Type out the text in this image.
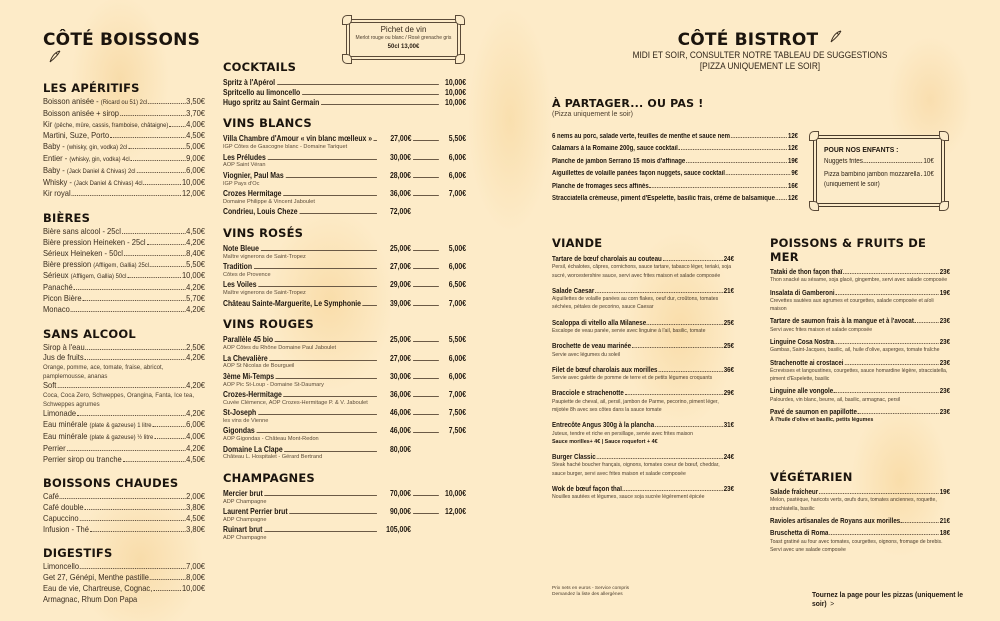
CÔTÉ BOISSONS
LES APÉRITIFS
Boisson anisée - (Ricard ou 51) 2cl	3,50€
Boisson anisée + sirop	3,70€
Kir (pêche, mûre, cassis, framboise, châtaigne) 4,00€
Martini, Suze, Porto	4,50€
Baby - (whisky, gin, vodka) 2cl	5,00€
Entier - (whisky, gin, vodka) 4cl	9,00€
Baby - (Jack Daniel & Chivas) 2cl	6,00€
Whisky - (Jack Daniel & Chivas) 4cl	10,00€
Kir royal	12,00€
BIÈRES
Bière sans alcool - 25cl	4,50€
Bière pression Heineken - 25cl	4,20€
Sérieux Heineken - 50cl	8,40€
Bière pression (Affligem, Gallia) 25cl	5,50€
Sérieux (Affligem, Gallia) 50cl	10,00€
Panaché	4,20€
Picon Bière	5,70€
Monaco	4,20€
SANS ALCOOL
Sirop à l'eau	2,50€
Jus de fruits	4,20€
Orange, pomme, ace, tomate, fraise, abricot, pamplemousse, ananas
Soft	4,20€
Coca, Coca Zero, Schweppes, Orangina, Fanta, Ice tea, Schweppes agrumes
Limonade	4,20€
Eau minérale (plate & gazeuse) 1 litre	6,00€
Eau minérale (plate & gazeuse) ½ litre	4,00€
Perrier	4,20€
Perrier sirop ou tranche	4,50€
BOISSONS CHAUDES
Café	2,00€
Café double	3,80€
Capuccino	4,50€
Infusion - Thé	3,80€
DIGESTIFS
Limoncello	7,00€
Get 27, Génépi, Menthe pastille	8,00€
Eau de vie, Chartreuse, Cognac,	10,00€
Armagnac, Rhum Don Papa
Pichet de vin
Merlot rouge ou blanc / Rosé grenache gris
50cl 13,00€
COCKTAILS
Spritz à l'Apérol	10,00€
Spritcello au limoncello	10,00€
Hugo spritz au Saint Germain	10,00€
VINS BLANCS
Villa Chambre d'Amour « vin blanc mœlleux »	27,00€	5,50€
IGP Côtes de Gascogne blanc - Domaine Tariquet
Les Préludes	30,00€	6,00€
AOP Saint Véran
Viognier, Paul Mas	28,00€	6,00€
IGP Pays d'Oc
Crozes Hermitage	36,00€	7,00€
Domaine Philippe & Vincent Jaboulet
Condrieu, Louis Cheze	72,00€
VINS ROSÉS
Note Bleue	25,00€	5,00€
Maître vignerons de Saint-Tropez
Tradition	27,00€	6,00€
Côtes de Provence
Les Voiles	29,00€	6,50€
Maître vignerons de Saint-Tropez
Château Sainte-Marguerite, Le Symphonie	39,00€	7,00€
VINS ROUGES
Parallèle 45 bio	25,00€	5,50€
AOP Côtes du Rhône Domaine Paul Jaboulet
La Chevalière	27,00€	6,00€
AOP St Nicolas de Bourgueil
3ème Mi-Temps	30,00€	6,00€
AOP Pic St-Loup - Domaine St-Daumary
Crozes-Hermitage	36,00€	7,00€
Cuvée Clémence, AOP Crozes-Hermitage P. & V. Jaboulet
St-Joseph	46,00€	7,50€
les vins de Vienne
Gigondas	46,00€	7,50€
AOP Gigondas - Château Mont-Redon
Domaine La Clape	80,00€
Château L. Hospitalet - Gérard Bertrand
CHAMPAGNES
Mercier brut	70,00€	10,00€
ADP Champagne
Laurent Perrier brut	90,00€	12,00€
ADP Champagne
Ruinart brut	105,00€
ADP Champagne
CÔTÉ BISTROT
MIDI ET SOIR, CONSULTER NOTRE TABLEAU DE SUGGESTIONS
[PIZZA UNIQUEMENT LE SOIR]
À PARTAGER... OU PAS !
(Pizza uniquement le soir)
6 nems au porc, salade verte, feuilles de menthe et sauce nem	12€
Calamars à la Romaine 200g, sauce cocktail	12€
Planche de jambon Serrano 15 mois d'affinage	19€
Aiguillettes de volaille panées façon nuggets, sauce cocktail	9€
Planche de fromages secs affinés	16€
Stracciatella crémeuse, piment d'Espelette, basilic frais, crème de balsamique 12€
POUR NOS ENFANTS :
Nuggets frites	10€
Pizza bambino jambon mozzarella 10€
(uniquement le soir)
VIANDE
Tartare de bœuf charolais au couteau	24€
Persil, échalotes, câpres, cornichons, sauce tartare, tabasco léger, teriaki, soja sucré, worcestershire sauce, servi avec frites maison et salade composée
Salade Caesar	21€
Aiguillettes de volaille panées au corn flakes, oeuf dur, croûtons, tomates séchées, pétales de pecorino, sauce Caesar
Scaloppa di vitello alla Milanese	25€
Escalope de veau panée, servie avec linguine à l'ail, basilic, tomate
Brochette de veau marinée	25€
Servie avec légumes du soleil
Filet de bœuf charolais aux morilles	36€
Servie avec galette de pomme de terre et de petits légumes croquants
Bracciole e strachenotte	29€
Paupiette de cheval, ail, persil, jambon de Parme, pecorino, piment léger, mijotée 8h avec ses côtes dans la sauce tomate
Entrecôte Angus 300g à la plancha	31€
Juteux, tendre et riche en persillage, servie avec frites maison
Sauce morilles+ 4€ | Sauce roquefort + 4€
Burger Classic	24€
Steak haché boucher français, oignons, tomates coeur de bœuf, cheddar, sauce burger, servi avec frites maison et salade composée
Wok de bœuf façon thaï	23€
Nouilles sautées et légumes, sauce soja sucrée légèrement épicée
POISSONS & FRUITS DE MER
Tataki de thon façon thaï	23€
Thon snacké au sésame, soja glacé, gingembre, servi avec salade composée
Insalata di Gamberoni	19€
Crevettes sautées aux agrumes et courgettes, salade composée et aïoli maison
Tartare de saumon frais à la mangue et à l'avocat	23€
Servi avec frites maison et salade composée
Linguine Cosa Nostra	23€
Gambas, Saint-Jacques, basilic, ail, huile d'olive, asperges, tomate fraîche
Strachenotte ai crostacei	23€
Écrevisses et langoustines, courgettes, sauce homardine légère, stracciatella, piment d'Espelette, basilic
Linguine alle vongole	23€
Palourdes, vin blanc, beurre, ail, basilic, armagnac, persil
Pavé de saumon en papillotte	23€
À l'huile d'olive et basilic, petits légumes
VÉGÉTARIEN
Salade fraîcheur	19€
Melon, pastèque, haricots verts, œufs durs, tomates anciennes, roquette, strachiatella, basilic
Ravioles artisanales de Royans aux morilles	21€
Bruschetta di Roma	18€
Toast gratiné au four avec tomates, courgettes, oignons, fromage de brebis. Servi avec une salade composée
Prix nets en euros - Service compris
Demandez la liste des allergènes	Tournez la page pour les pizzas (uniquement le soir) >
